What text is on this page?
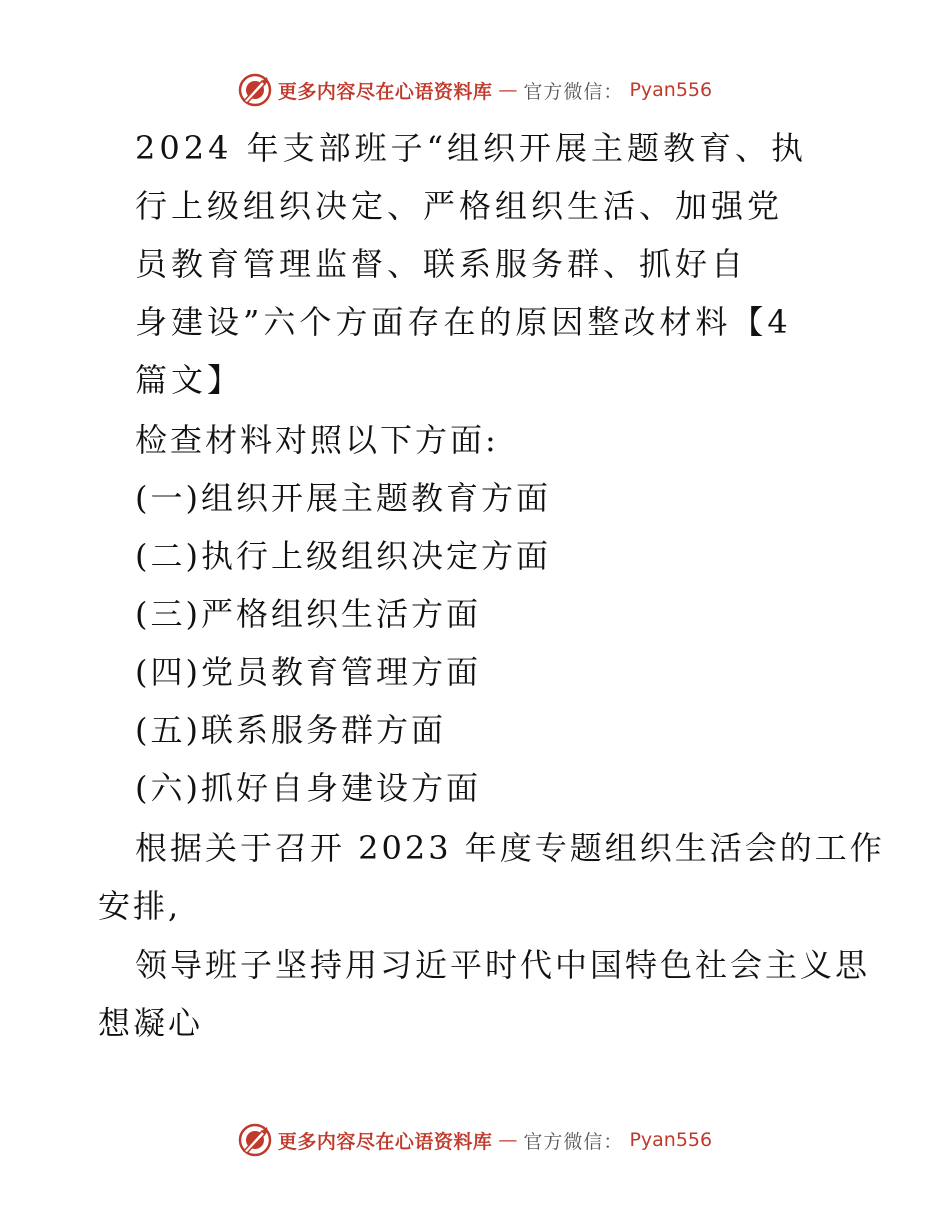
更多内容尽在心语资料库 — 官方微信： Pyan556
2024 年支部班子“组织开展主题教育、执
行上级组织决定、严格组织生活、加强党
员教育管理监督、联系服务群、抓好自
身建设”六个方面存在的原因整改材料【4
篇文】
检查材料对照以下方面:
(一)组织开展主题教育方面
(二)执行上级组织决定方面
(三)严格组织生活方面
(四)党员教育管理方面
(五)联系服务群方面
(六)抓好自身建设方面
根据关于召开 2023 年度专题组织生活会的工作
安排,
领导班子坚持用习近平时代中国特色社会主义思
想凝心
更多内容尽在心语资料库 — 官方微信： Pyan556
